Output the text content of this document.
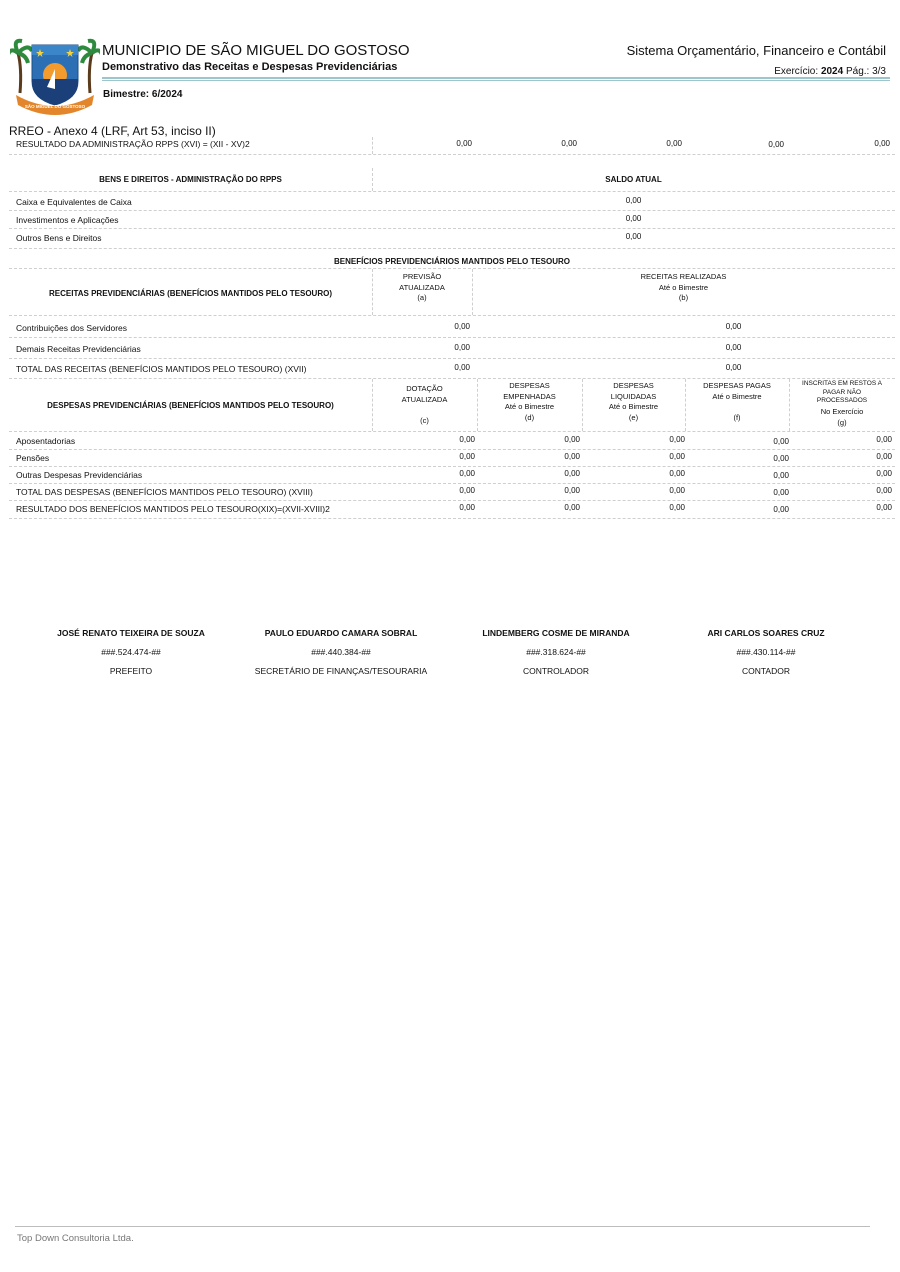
SÃO MIGUEL DO GOSTOSO
MUNICIPIO DE SÃO MIGUEL DO GOSTOSO
Demonstrativo das Receitas e Despesas Previdenciárias
Sistema Orçamentário, Financeiro e Contábil
Exercício: 2024 Pág.: 3/3
Bimestre: 6/2024
RREO - Anexo 4 (LRF, Art 53, inciso II)
RESULTADO DA ADMINISTRAÇÃO RPPS (XVI) = (XII - XV)2	0,00	0,00	0,00	0,00	0,00
BENS E DIREITOS - ADMINISTRAÇÃO DO RPPS	SALDO ATUAL
Caixa e Equivalentes de Caixa	0,00
Investimentos e Aplicações	0,00
Outros Bens e Direitos	0,00
BENEFÍCIOS PREVIDENCIÁRIOS MANTIDOS PELO TESOURO
RECEITAS PREVIDENCIÁRIAS (BENEFÍCIOS MANTIDOS PELO TESOURO)
PREVISÃO
ATUALIZADA
(a)
RECEITAS REALIZADAS
Até o Bimestre
(b)
Contribuições dos Servidores	0,00	0,00
Demais Receitas Previdenciárias	0,00	0,00
TOTAL DAS RECEITAS (BENEFÍCIOS MANTIDOS PELO TESOURO) (XVII)	0,00	0,00
DESPESAS PREVIDENCIÁRIAS (BENEFÍCIOS MANTIDOS PELO TESOURO)
DOTAÇÃO
ATUALIZADA
(c)
DESPESAS
EMPENHADAS
Até o Bimestre
(d)
DESPESAS
LIQUIDADAS
Até o Bimestre
(e)
DESPESAS PAGAS
Até o Bimestre
(f)
INSCRITAS EM RESTOS A
PAGAR NÃO
PROCESSADOS
No Exercício
(g)
Aposentadorias	0,00	0,00	0,00	0,00	0,00
Pensões	0,00	0,00	0,00	0,00	0,00
Outras Despesas Previdenciárias	0,00	0,00	0,00	0,00	0,00
TOTAL DAS DESPESAS (BENEFÍCIOS MANTIDOS PELO TESOURO) (XVIII)	0,00	0,00	0,00	0,00	0,00
RESULTADO DOS BENEFÍCIOS MANTIDOS PELO TESOURO(XIX)=(XVII-XVIII)2	0,00	0,00	0,00	0,00	0,00
JOSÉ RENATO TEIXEIRA DE SOUZA
###.524.474-##
PREFEITO
PAULO EDUARDO CAMARA SOBRAL
###.440.384-##
SECRETÁRIO DE FINANÇAS/TESOURARIA
LINDEMBERG COSME DE MIRANDA
###.318.624-##
CONTROLADOR
ARI CARLOS SOARES CRUZ
###.430.114-##
CONTADOR
Top Down Consultoria Ltda.
